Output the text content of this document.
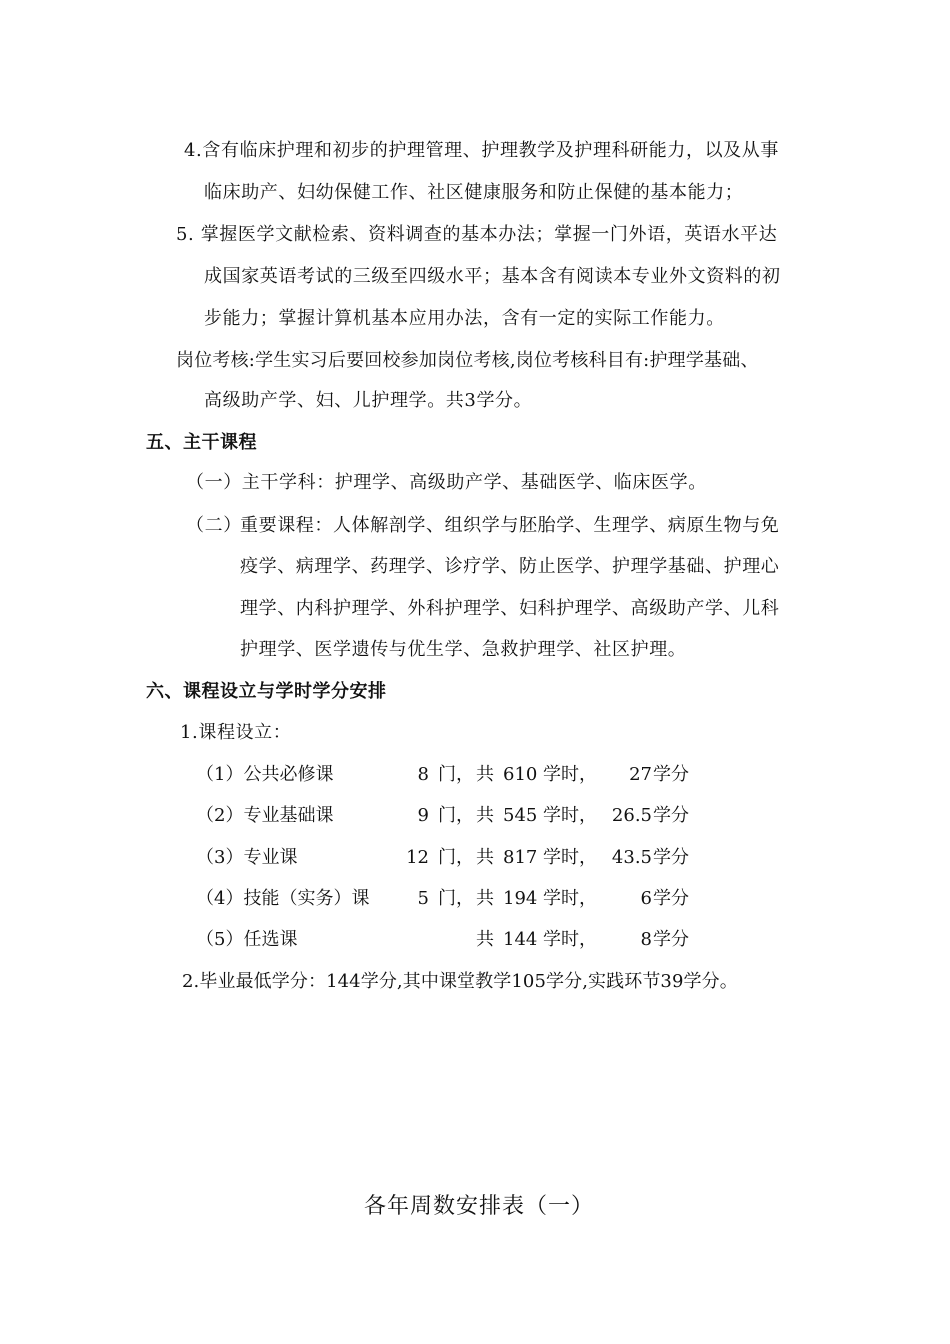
4.含有临床护理和初步的护理管理、护理教学及护理科研能力，以及从事
临床助产、妇幼保健工作、社区健康服务和防止保健的基本能力；
5. 掌握医学文献检索、资料调查的基本办法；掌握一门外语，英语水平达
成国家英语考试的三级至四级水平；基本含有阅读本专业外文资料的初
步能力；掌握计算机基本应用办法，含有一定的实际工作能力。
岗位考核:学生实习后要回校参加岗位考核,岗位考核科目有:护理学基础、
高级助产学、妇、儿护理学。共3学分。
五、主干课程
（一）主干学科：护理学、高级助产学、基础医学、临床医学。
（二）
重要课程：人体解剖学、组织学与胚胎学、生理学、病原生物与免
疫学、病理学、药理学、诊疗学、防止医学、护理学基础、护理心
理学、内科护理学、外科护理学、妇科护理学、高级助产学、儿科
护理学、医学遗传与优生学、急救护理学、社区护理。
六、课程设立与学时学分安排
1.课程设立：
（1）公共必修课	8 门， 共 610 学时，	27 学分
（2）专业基础课	9 门， 共 545 学时， 26.5 学分
（3）专业课	12 门， 共 817 学时， 43.5 学分
（4）技能（实务）课	5 门， 共 194 学时，	6 学分
（5）任选课	共 144 学时，	8 学分
2.毕业最低学分：144学分,其中课堂教学105学分,实践环节39学分。
各年周数安排表（一）
